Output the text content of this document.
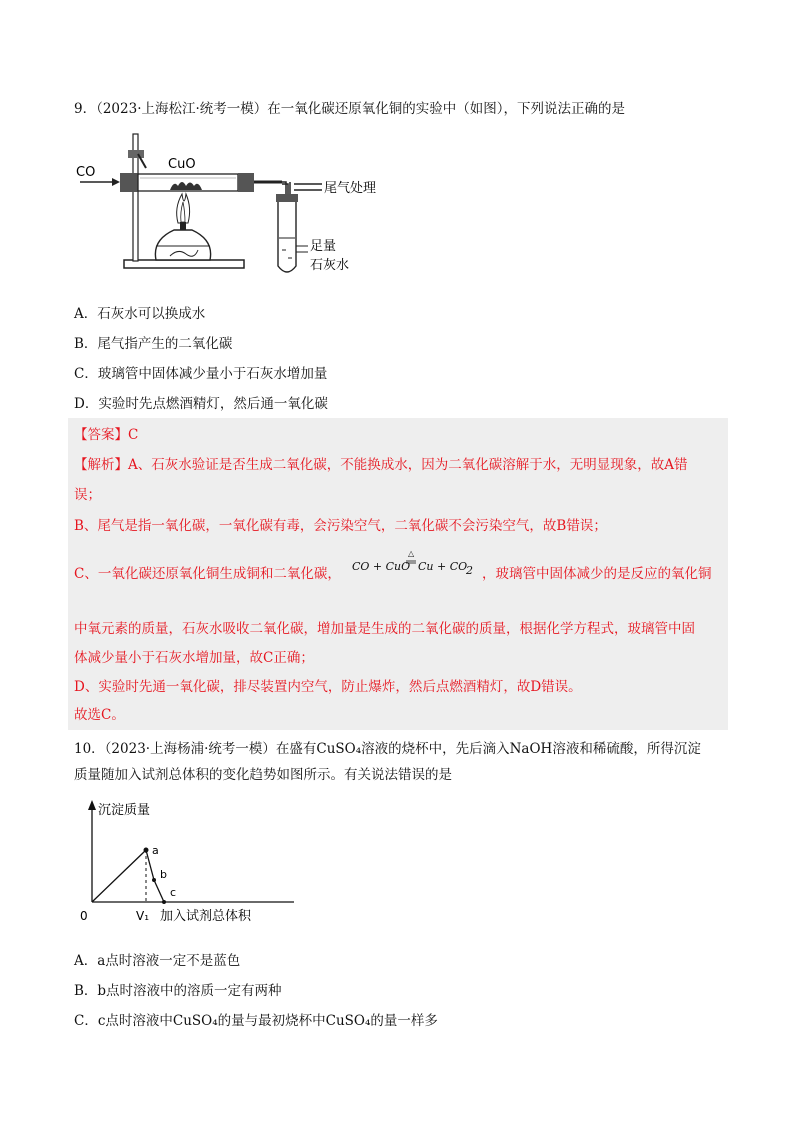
9．（2023·上海松江·统考一模）在一氧化碳还原氧化铜的实验中（如图），下列说法正确的是
CO
CuO
尾气处理
足量
石灰水
A．石灰水可以换成水
B．尾气指产生的二氧化碳
C．玻璃管中固体减少量小于石灰水增加量
D．实验时先点燃酒精灯，然后通一氧化碳
【答案】C
【解析】A、石灰水验证是否生成二氧化碳，不能换成水，因为二氧化碳溶解于水，无明显现象，故A错
误；
B、尾气是指一氧化碳，一氧化碳有毒，会污染空气，二氧化碳不会污染空气，故B错误；
C、一氧化碳还原氧化铜生成铜和二氧化碳， CO + CuO
△
Cu + CO
2 ，玻璃管中固体减少的是反应的氧化铜
中氧元素的质量，石灰水吸收二氧化碳，增加量是生成的二氧化碳的质量，根据化学方程式，玻璃管中固
体减少量小于石灰水增加量，故C正确；
D、实验时先通一氧化碳，排尽装置内空气，防止爆炸，然后点燃酒精灯，故D错误。
故选C。
10．（2023·上海杨浦·统考一模）在盛有CuSO₄溶液的烧杯中，先后滴入NaOH溶液和稀硫酸，所得沉淀
质量随加入试剂总体积的变化趋势如图所示。有关说法错误的是
沉淀质量
0	V₁ 加入试剂总体积
a
b
c
A．a点时溶液一定不是蓝色
B．b点时溶液中的溶质一定有两种
C．c点时溶液中CuSO₄的量与最初烧杯中CuSO₄的量一样多
